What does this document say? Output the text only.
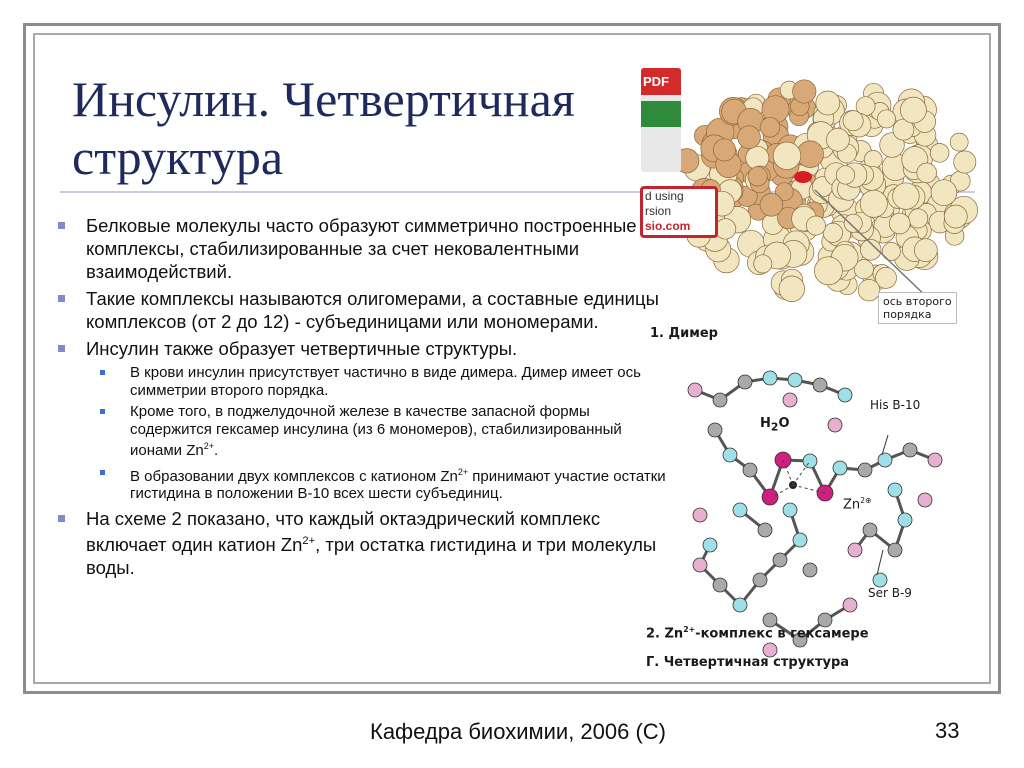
Инсулин. Четвертичная структура
Белковые молекулы часто образуют симметрично построенные комплексы, стабилизированные за счет нековалентными взаимодействий.
Такие комплексы называются олигомерами, а составные единицы комплексов (от 2 до 12) - субъединицами или мономерами.
Инсулин также образует четвертичные структуры.
В крови инсулин присутствует частично в виде димера. Димер имеет ось симметрии второго порядка.
Кроме того, в поджелудочной железе в качестве запасной формы содержится гексамер инсулина (из 6 мономеров), стабилизированный ионами $Zn^{2+}$.
В образовании двух комплексов с катионом $Zn^{2+}$ принимают участие остатки гистидина в положении В-10 всех шести субъединиц.
На схеме 2 показано, что каждый октаэдрический комплекс включает один катион $Zn^{2+}$, три остатка гистидина и три молекулы воды.
d using
rsion
sio.com
PDF
ось второго
порядка
1. Димер
His B-10
$H_2O$
$Zn^{2\oplus}$
Ser B-9
2. $Zn^{2+}$-комплекс в гексамере
Г. Четвертичная структура
Кафедра биохимии, 2006 (С)	33
